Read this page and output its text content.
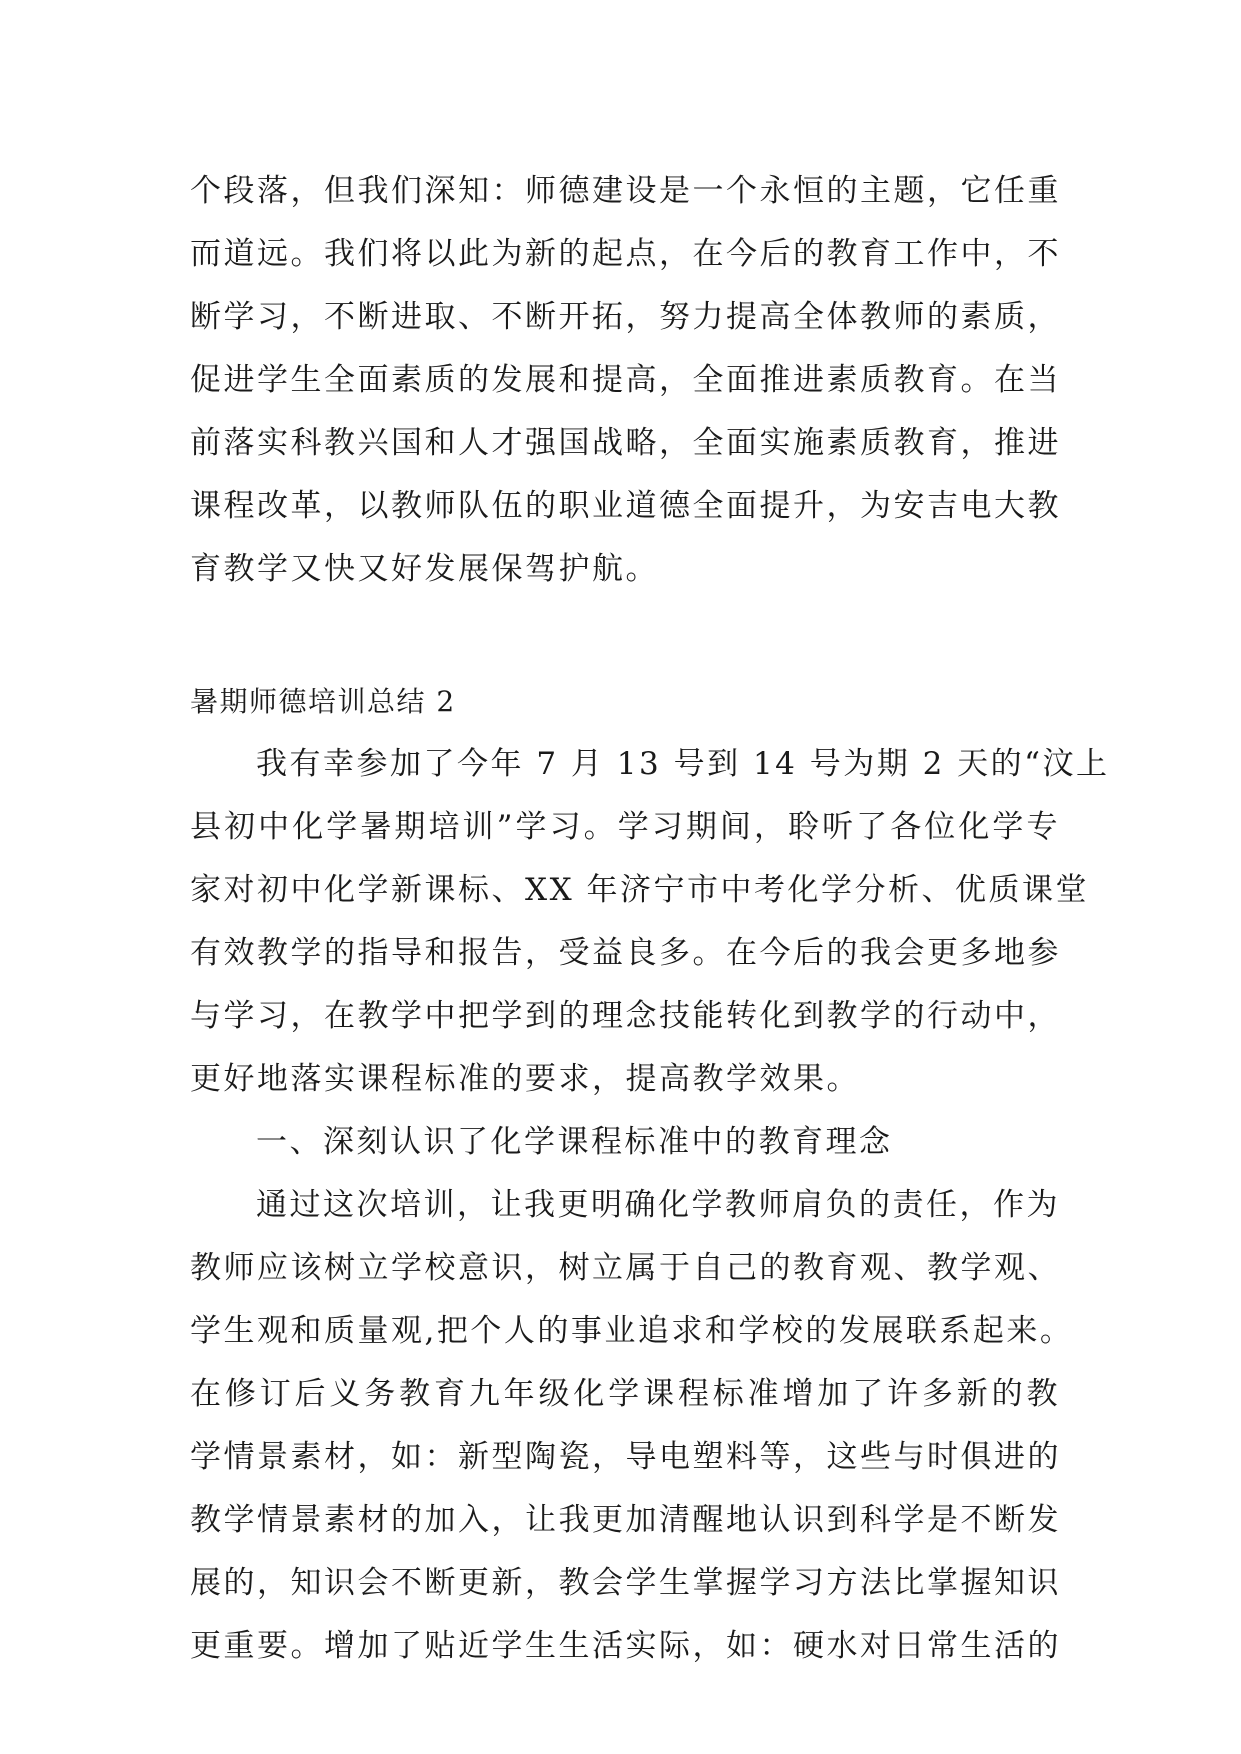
个段落，但我们深知：师德建设是一个永恒的主题，它任重
而道远。我们将以此为新的起点，在今后的教育工作中，不
断学习，不断进取、不断开拓，努力提高全体教师的素质，
促进学生全面素质的发展和提高，全面推进素质教育。在当
前落实科教兴国和人才强国战略，全面实施素质教育，推进
课程改革，以教师队伍的职业道德全面提升，为安吉电大教
育教学又快又好发展保驾护航。
暑期师德培训总结 2
我有幸参加了今年 7 月 13 号到 14 号为期 2 天的“汶上
县初中化学暑期培训”学习。学习期间，聆听了各位化学专
家对初中化学新课标、XX 年济宁市中考化学分析、优质课堂
有效教学的指导和报告，受益良多。在今后的我会更多地参
与学习，在教学中把学到的理念技能转化到教学的行动中，
更好地落实课程标准的要求，提高教学效果。
一、深刻认识了化学课程标准中的教育理念
通过这次培训，让我更明确化学教师肩负的责任，作为
教师应该树立学校意识，树立属于自己的教育观、教学观、
学生观和质量观,把个人的事业追求和学校的发展联系起来。
在修订后义务教育九年级化学课程标准增加了许多新的教
学情景素材，如：新型陶瓷，导电塑料等，这些与时俱进的
教学情景素材的加入，让我更加清醒地认识到科学是不断发
展的，知识会不断更新，教会学生掌握学习方法比掌握知识
更重要。增加了贴近学生生活实际，如：硬水对日常生活的
